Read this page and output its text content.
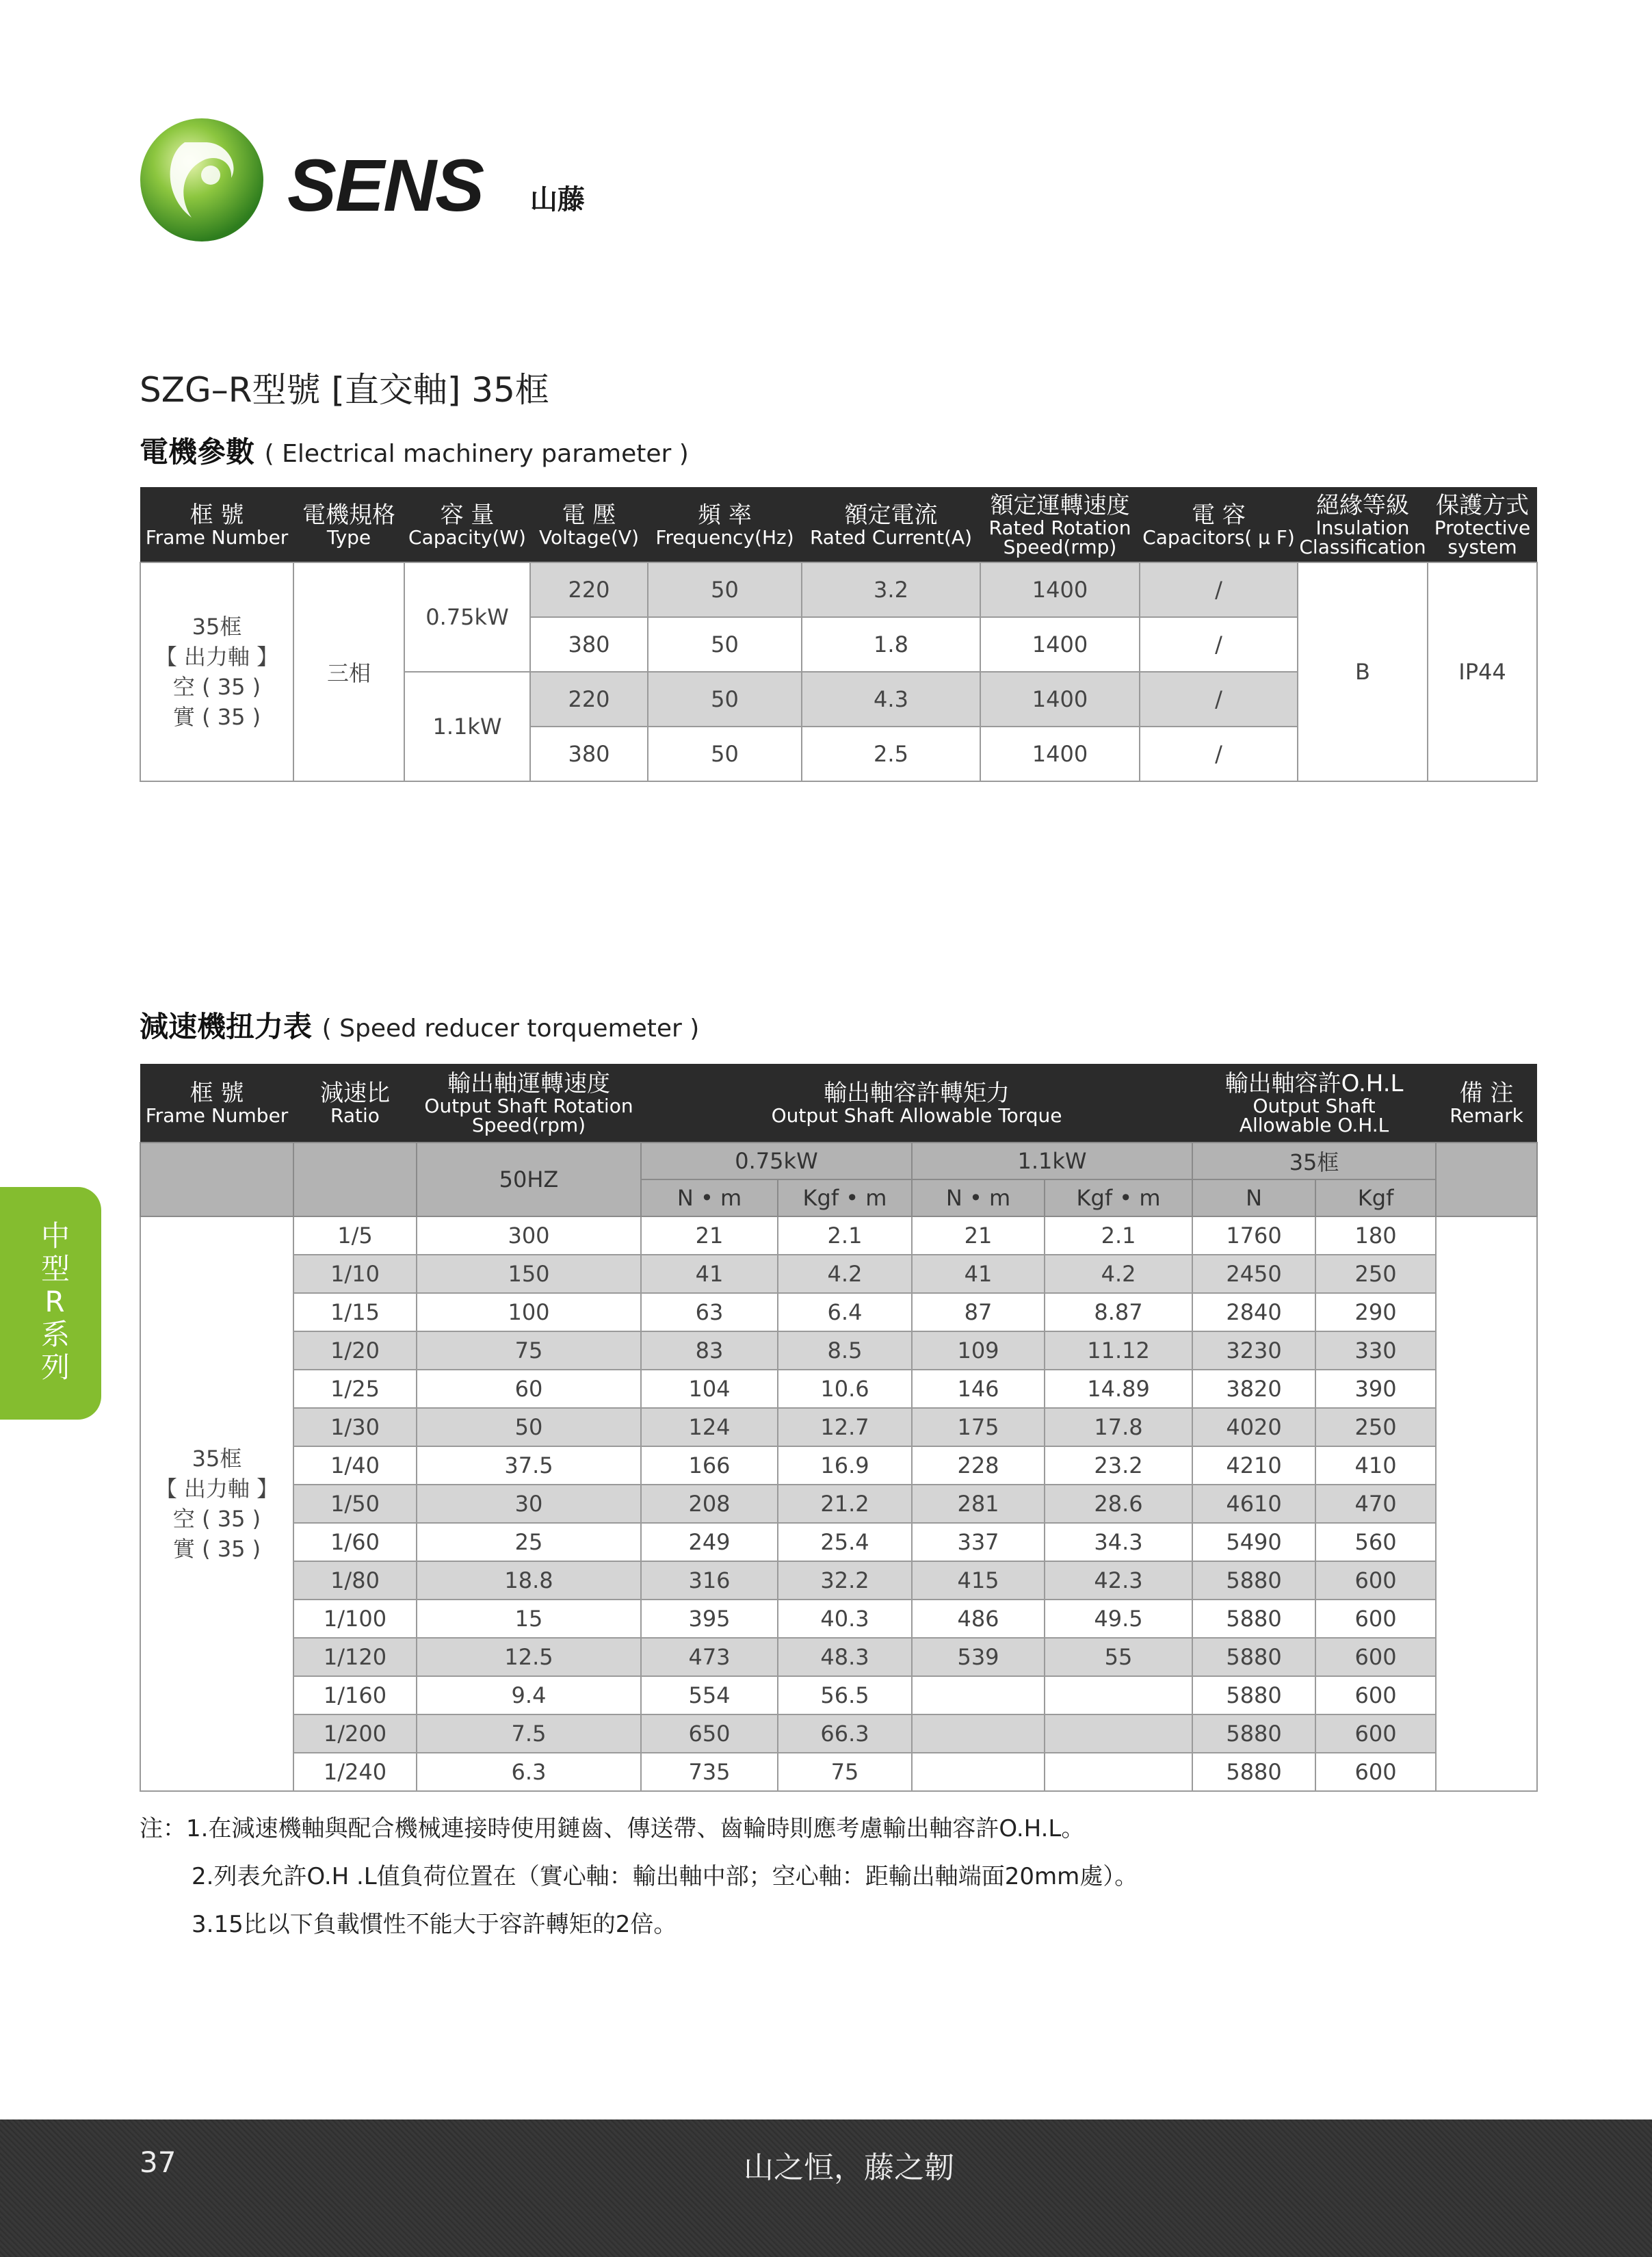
SENS 山藤
SZG–R型號 [直交軸] 35框
電機參數 ( Electrical machinery parameter )
框 號
Frame Number	電機規格
Type	容 量
Capacity(W)	電 壓
Voltage(V)	頻 率
Frequency(Hz)	額定電流
Rated Current(A)	額定運轉速度
Rated Rotation
Speed(rmp)	電 容
Capacitors( μ F)	絕緣等級
Insulation
Classification	保護方式
Protective
system

35框
【 出力軸 】
空 ( 35 )
實 ( 35 )	三相	0.75kW	220	50	3.2	1400	/	B	IP44
			380	50	1.8	1400	/		
		1.1kW	220	50	4.3	1400	/		
			380	50	2.5	1400	/		
減速機扭力表 ( Speed reducer torquemeter )
框 號
Frame Number	減速比
Ratio	輸出軸運轉速度
Output Shaft Rotation
Speed(rpm)	輸出軸容許轉矩力
Output Shaft Allowable Torque				輸出軸容許O.H.L
Output Shaft
Allowable O.H.L		備 注
Remark

		50HZ	0.75kW		1.1kW		35框		
			N • m	Kgf • m	N • m	Kgf • m	N	Kgf	

35框
【 出力軸 】
空 ( 35 )
實 ( 35 )	1/5	300	21	2.1	21	2.1	1760	180	
	1/10	150	41	4.2	41	4.2	2450	250	
	1/15	100	63	6.4	87	8.87	2840	290	
	1/20	75	83	8.5	109	11.12	3230	330	
	1/25	60	104	10.6	146	14.89	3820	390	
	1/30	50	124	12.7	175	17.8	4020	250	
	1/40	37.5	166	16.9	228	23.2	4210	410	
	1/50	30	208	21.2	281	28.6	4610	470	
	1/60	25	249	25.4	337	34.3	5490	560	
	1/80	18.8	316	32.2	415	42.3	5880	600	
	1/100	15	395	40.3	486	49.5	5880	600	
	1/120	12.5	473	48.3	539	55	5880	600	
	1/160	9.4	554	56.5			5880	600	
	1/200	7.5	650	66.3			5880	600	
	1/240	6.3	735	75			5880	600	
注：1.在減速機軸與配合機械連接時使用鏈齒、傳送帶、齒輪時則應考慮輸出軸容許O.H.L。
2.列表允許O.H .L值負荷位置在（實心軸：輸出軸中部；空心軸：距輸出軸端面20mm處）。
3.15比以下負載慣性不能大于容許轉矩的2倍。
中型R系列
37	山之恒，藤之韌
